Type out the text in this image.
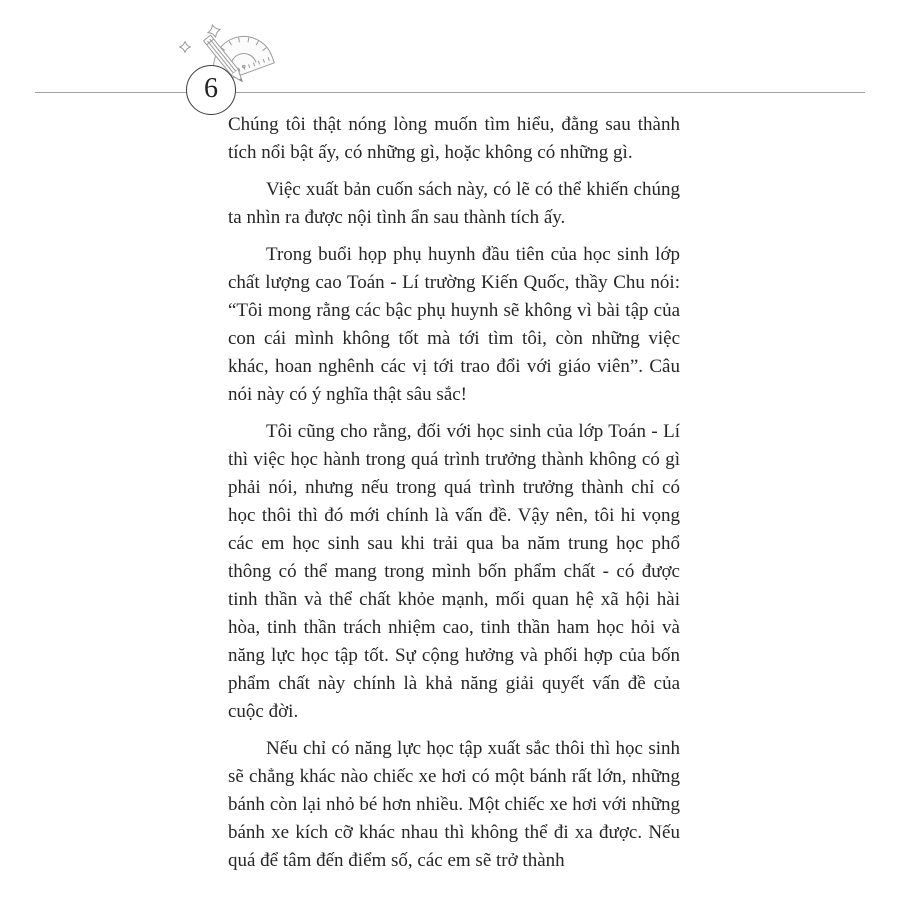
6

Chúng tôi thật nóng lòng muốn tìm hiểu, đằng sau thành tích nổi bật ấy, có những gì, hoặc không có những gì.

Việc xuất bản cuốn sách này, có lẽ có thể khiến chúng ta nhìn ra được nội tình ẩn sau thành tích ấy.

Trong buổi họp phụ huynh đầu tiên của học sinh lớp chất lượng cao Toán - Lí trường Kiến Quốc, thầy Chu nói: “Tôi mong rằng các bậc phụ huynh sẽ không vì bài tập của con cái mình không tốt mà tới tìm tôi, còn những việc khác, hoan nghênh các vị tới trao đổi với giáo viên”. Câu nói này có ý nghĩa thật sâu sắc!

Tôi cũng cho rằng, đối với học sinh của lớp Toán - Lí thì việc học hành trong quá trình trưởng thành không có gì phải nói, nhưng nếu trong quá trình trưởng thành chỉ có học thôi thì đó mới chính là vấn đề. Vậy nên, tôi hi vọng các em học sinh sau khi trải qua ba năm trung học phổ thông có thể mang trong mình bốn phẩm chất - có được tinh thần và thể chất khỏe mạnh, mối quan hệ xã hội hài hòa, tinh thần trách nhiệm cao, tinh thần ham học hỏi và năng lực học tập tốt. Sự cộng hưởng và phối hợp của bốn phẩm chất này chính là khả năng giải quyết vấn đề của cuộc đời.

Nếu chỉ có năng lực học tập xuất sắc thôi thì học sinh sẽ chẳng khác nào chiếc xe hơi có một bánh rất lớn, những bánh còn lại nhỏ bé hơn nhiều. Một chiếc xe hơi với những bánh xe kích cỡ khác nhau thì không thể đi xa được. Nếu quá để tâm đến điểm số, các em sẽ trở thành
